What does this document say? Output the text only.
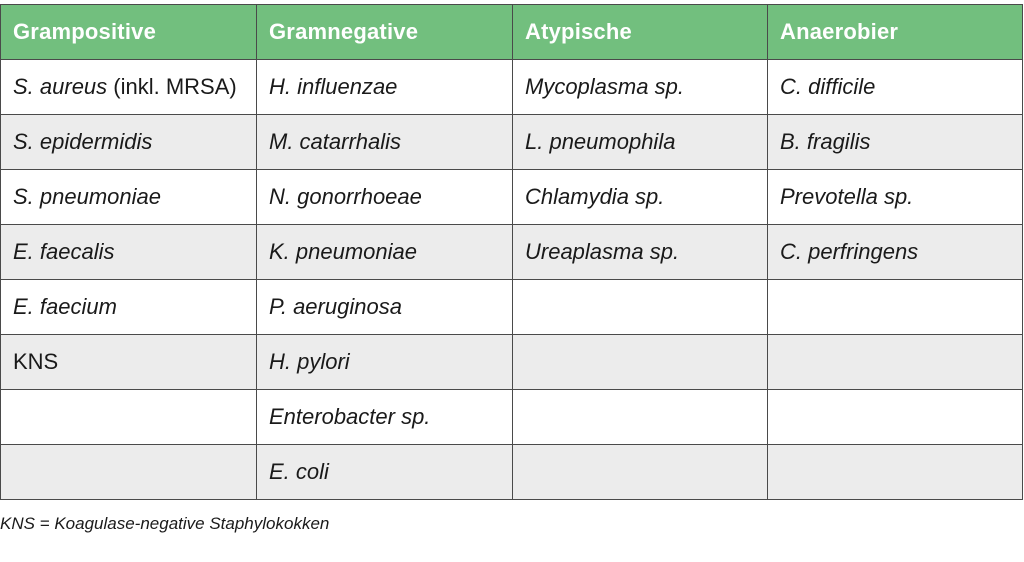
Grampositive	Gramnegative	Atypische	Anaerobier
S. aureus (inkl. MRSA)	H. influenzae	Mycoplasma sp.	C. difficile
S. epidermidis	M. catarrhalis	L. pneumophila	B. fragilis
S. pneumoniae	N. gonorrhoeae	Chlamydia sp.	Prevotella sp.
E. faecalis	K. pneumoniae	Ureaplasma sp.	C. perfringens
E. faecium	P. aeruginosa		
KNS	H. pylori		
	Enterobacter sp.		
	E. coli		
KNS = Koagulase-negative Staphylokokken
